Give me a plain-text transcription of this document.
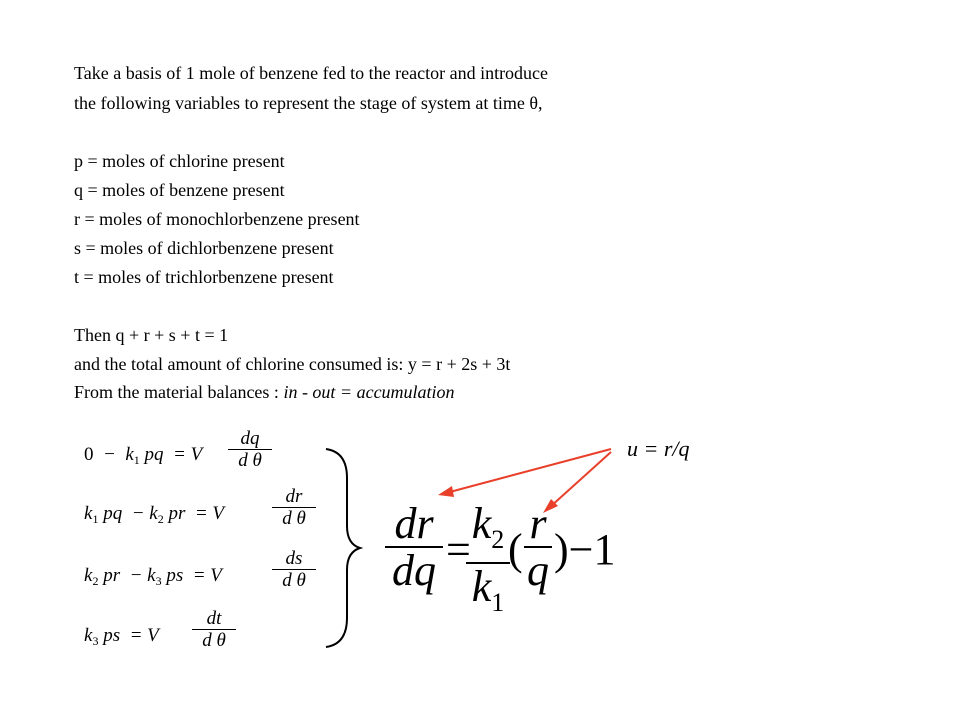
Take a basis of 1 mole of benzene fed to the reactor and introduce
the following variables to represent the stage of system at time θ,
p = moles of chlorine present
q = moles of benzene present
r = moles of monochlorbenzene present
s = moles of dichlorbenzene present
t = moles of trichlorbenzene present
Then q + r + s + t = 1
and the total amount of chlorine consumed is: y = r + 2s + 3t
From the material balances : in - out = accumulation
$0 - k_1$ pq  = V
dq
d θ
$k_1$ pq  − $k_2$ pr  = V
dr
d θ
$k_2$ pr  − $k_3$ ps  = V
ds
d θ
$k_3$ ps  = V
dt
d θ
dr
dq =
$k_2$
$k_1$
(
r
q )−1
u = r/q
